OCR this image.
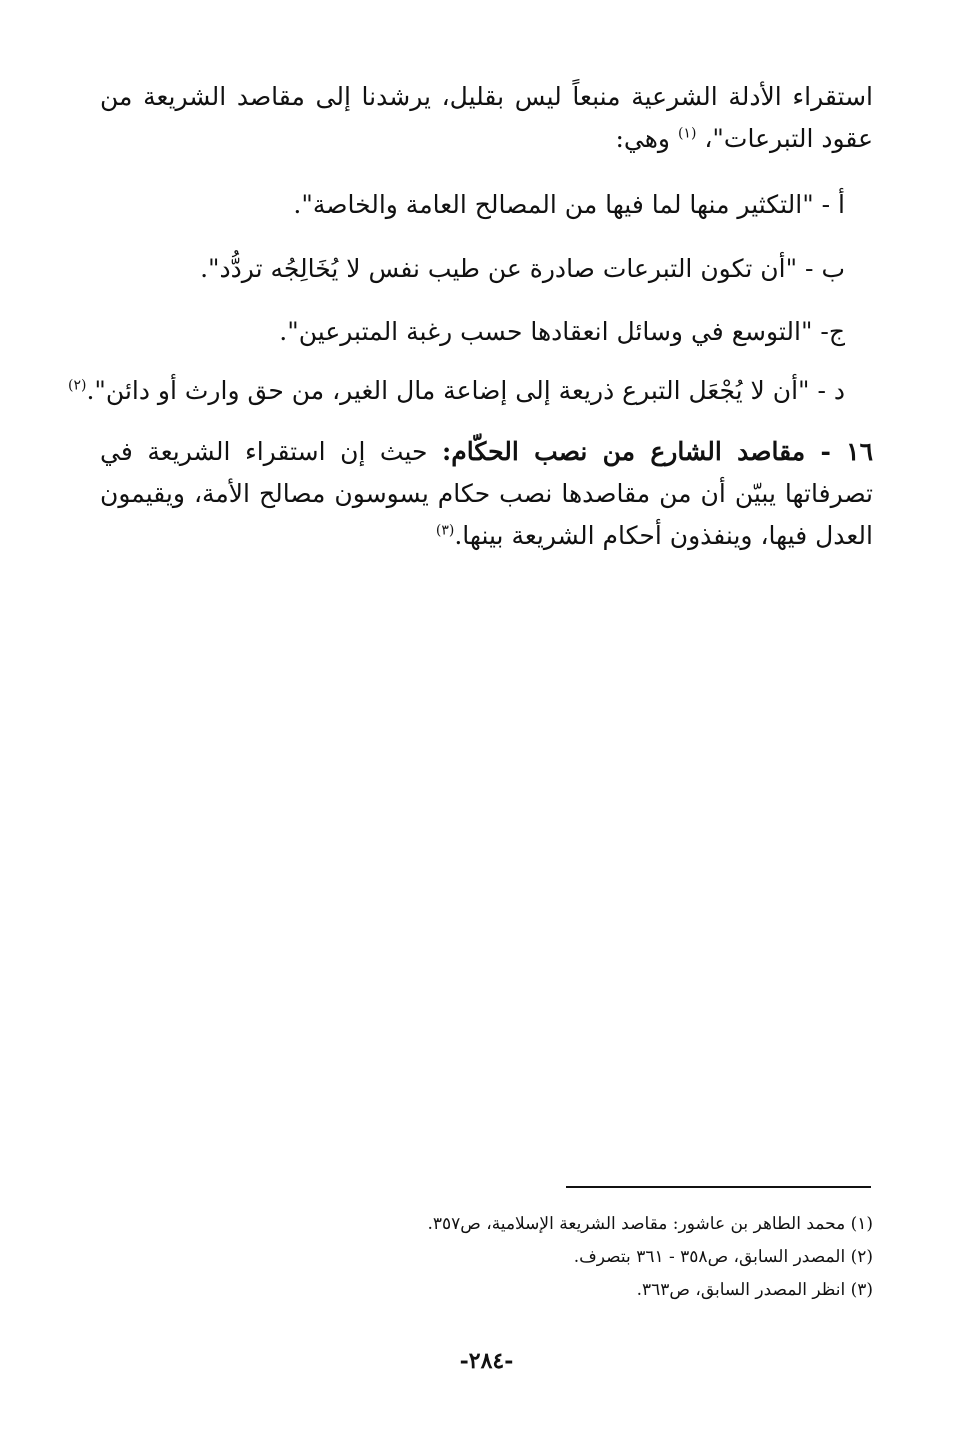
استقراء الأدلة الشرعية منبعاً ليس بقليل، يرشدنا إلى مقاصد الشريعة من عقود التبرعات"، $^{(١)}$ وهي:

أ - "التكثير منها لما فيها من المصالح العامة والخاصة".
ب - "أن تكون التبرعات صادرة عن طيب نفس لا يُخَالِجُه تردُّد".
ج- "التوسع في وسائل انعقادها حسب رغبة المتبرعين".
د - "أن لا يُجْعَل التبرع ذريعة إلى إضاعة مال الغير، من حق وارث أو دائن".$^{(٢)}$

١٦ - مقاصد الشارع من نصب الحكّام: حيث إن استقراء الشريعة في تصرفاتها يبيّن أن من مقاصدها نصب حكام يسوسون مصالح الأمة، ويقيمون العدل فيها، وينفذون أحكام الشريعة بينها.$^{(٣)}$

(١) محمد الطاهر بن عاشور: مقاصد الشريعة الإسلامية، ص٣٥٧.
(٢) المصدر السابق، ص٣٥٨ - ٣٦١ بتصرف.
(٣) انظر المصدر السابق، ص٣٦٣.
-٢٨٤-
